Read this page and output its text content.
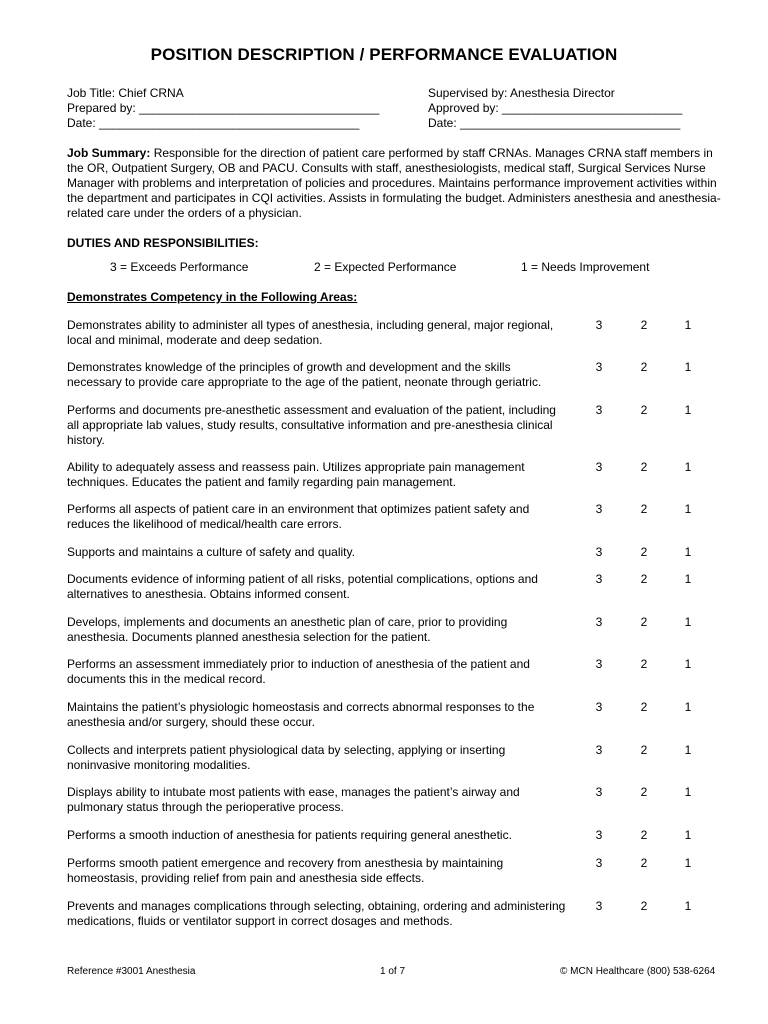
POSITION DESCRIPTION / PERFORMANCE EVALUATION
Job Title: Chief CRNA
Prepared by: ____________________________________
Date: _______________________________________
Supervised by: Anesthesia Director
Approved by: ___________________________
Date: _________________________________
Job Summary: Responsible for the direction of patient care performed by staff CRNAs. Manages CRNA staff members in the OR, Outpatient Surgery, OB and PACU. Consults with staff, anesthesiologists, medical staff, Surgical Services Nurse Manager with problems and interpretation of policies and procedures. Maintains performance improvement activities within the department and participates in CQI activities. Assists in formulating the budget. Administers anesthesia and anesthesia-related care under the orders of a physician.
DUTIES AND RESPONSIBILITIES:
3 = Exceeds Performance	2 = Expected Performance	1 = Needs Improvement
Demonstrates Competency in the Following Areas:
Demonstrates ability to administer all types of anesthesia, including general, major regional, local and minimal, moderate and deep sedation.
3	2	1
Demonstrates knowledge of the principles of growth and development and the skills necessary to provide care appropriate to the age of the patient, neonate through geriatric.
3	2	1
Performs and documents pre-anesthetic assessment and evaluation of the patient, including all appropriate lab values, study results, consultative information and pre-anesthesia clinical history.
3	2	1
Ability to adequately assess and reassess pain. Utilizes appropriate pain management techniques. Educates the patient and family regarding pain management.
3	2	1
Performs all aspects of patient care in an environment that optimizes patient safety and reduces the likelihood of medical/health care errors.
3	2	1
Supports and maintains a culture of safety and quality.	3	2	1
Documents evidence of informing patient of all risks, potential complications, options and alternatives to anesthesia. Obtains informed consent.
3	2	1
Develops, implements and documents an anesthetic plan of care, prior to providing anesthesia. Documents planned anesthesia selection for the patient.
3	2	1
Performs an assessment immediately prior to induction of anesthesia of the patient and documents this in the medical record.
3	2	1
Maintains the patient’s physiologic homeostasis and corrects abnormal responses to the anesthesia and/or surgery, should these occur.
3	2	1
Collects and interprets patient physiological data by selecting, applying or inserting noninvasive monitoring modalities.
3	2	1
Displays ability to intubate most patients with ease, manages the patient’s airway and pulmonary status through the perioperative process.
3	2	1
Performs a smooth induction of anesthesia for patients requiring general anesthetic.	3	2	1
Performs smooth patient emergence and recovery from anesthesia by maintaining homeostasis, providing relief from pain and anesthesia side effects.
3	2	1
Prevents and manages complications through selecting, obtaining, ordering and administering medications, fluids or ventilator support in correct dosages and methods.
3	2	1
Reference #3001 Anesthesia	1 of 7	© MCN Healthcare (800) 538-6264
